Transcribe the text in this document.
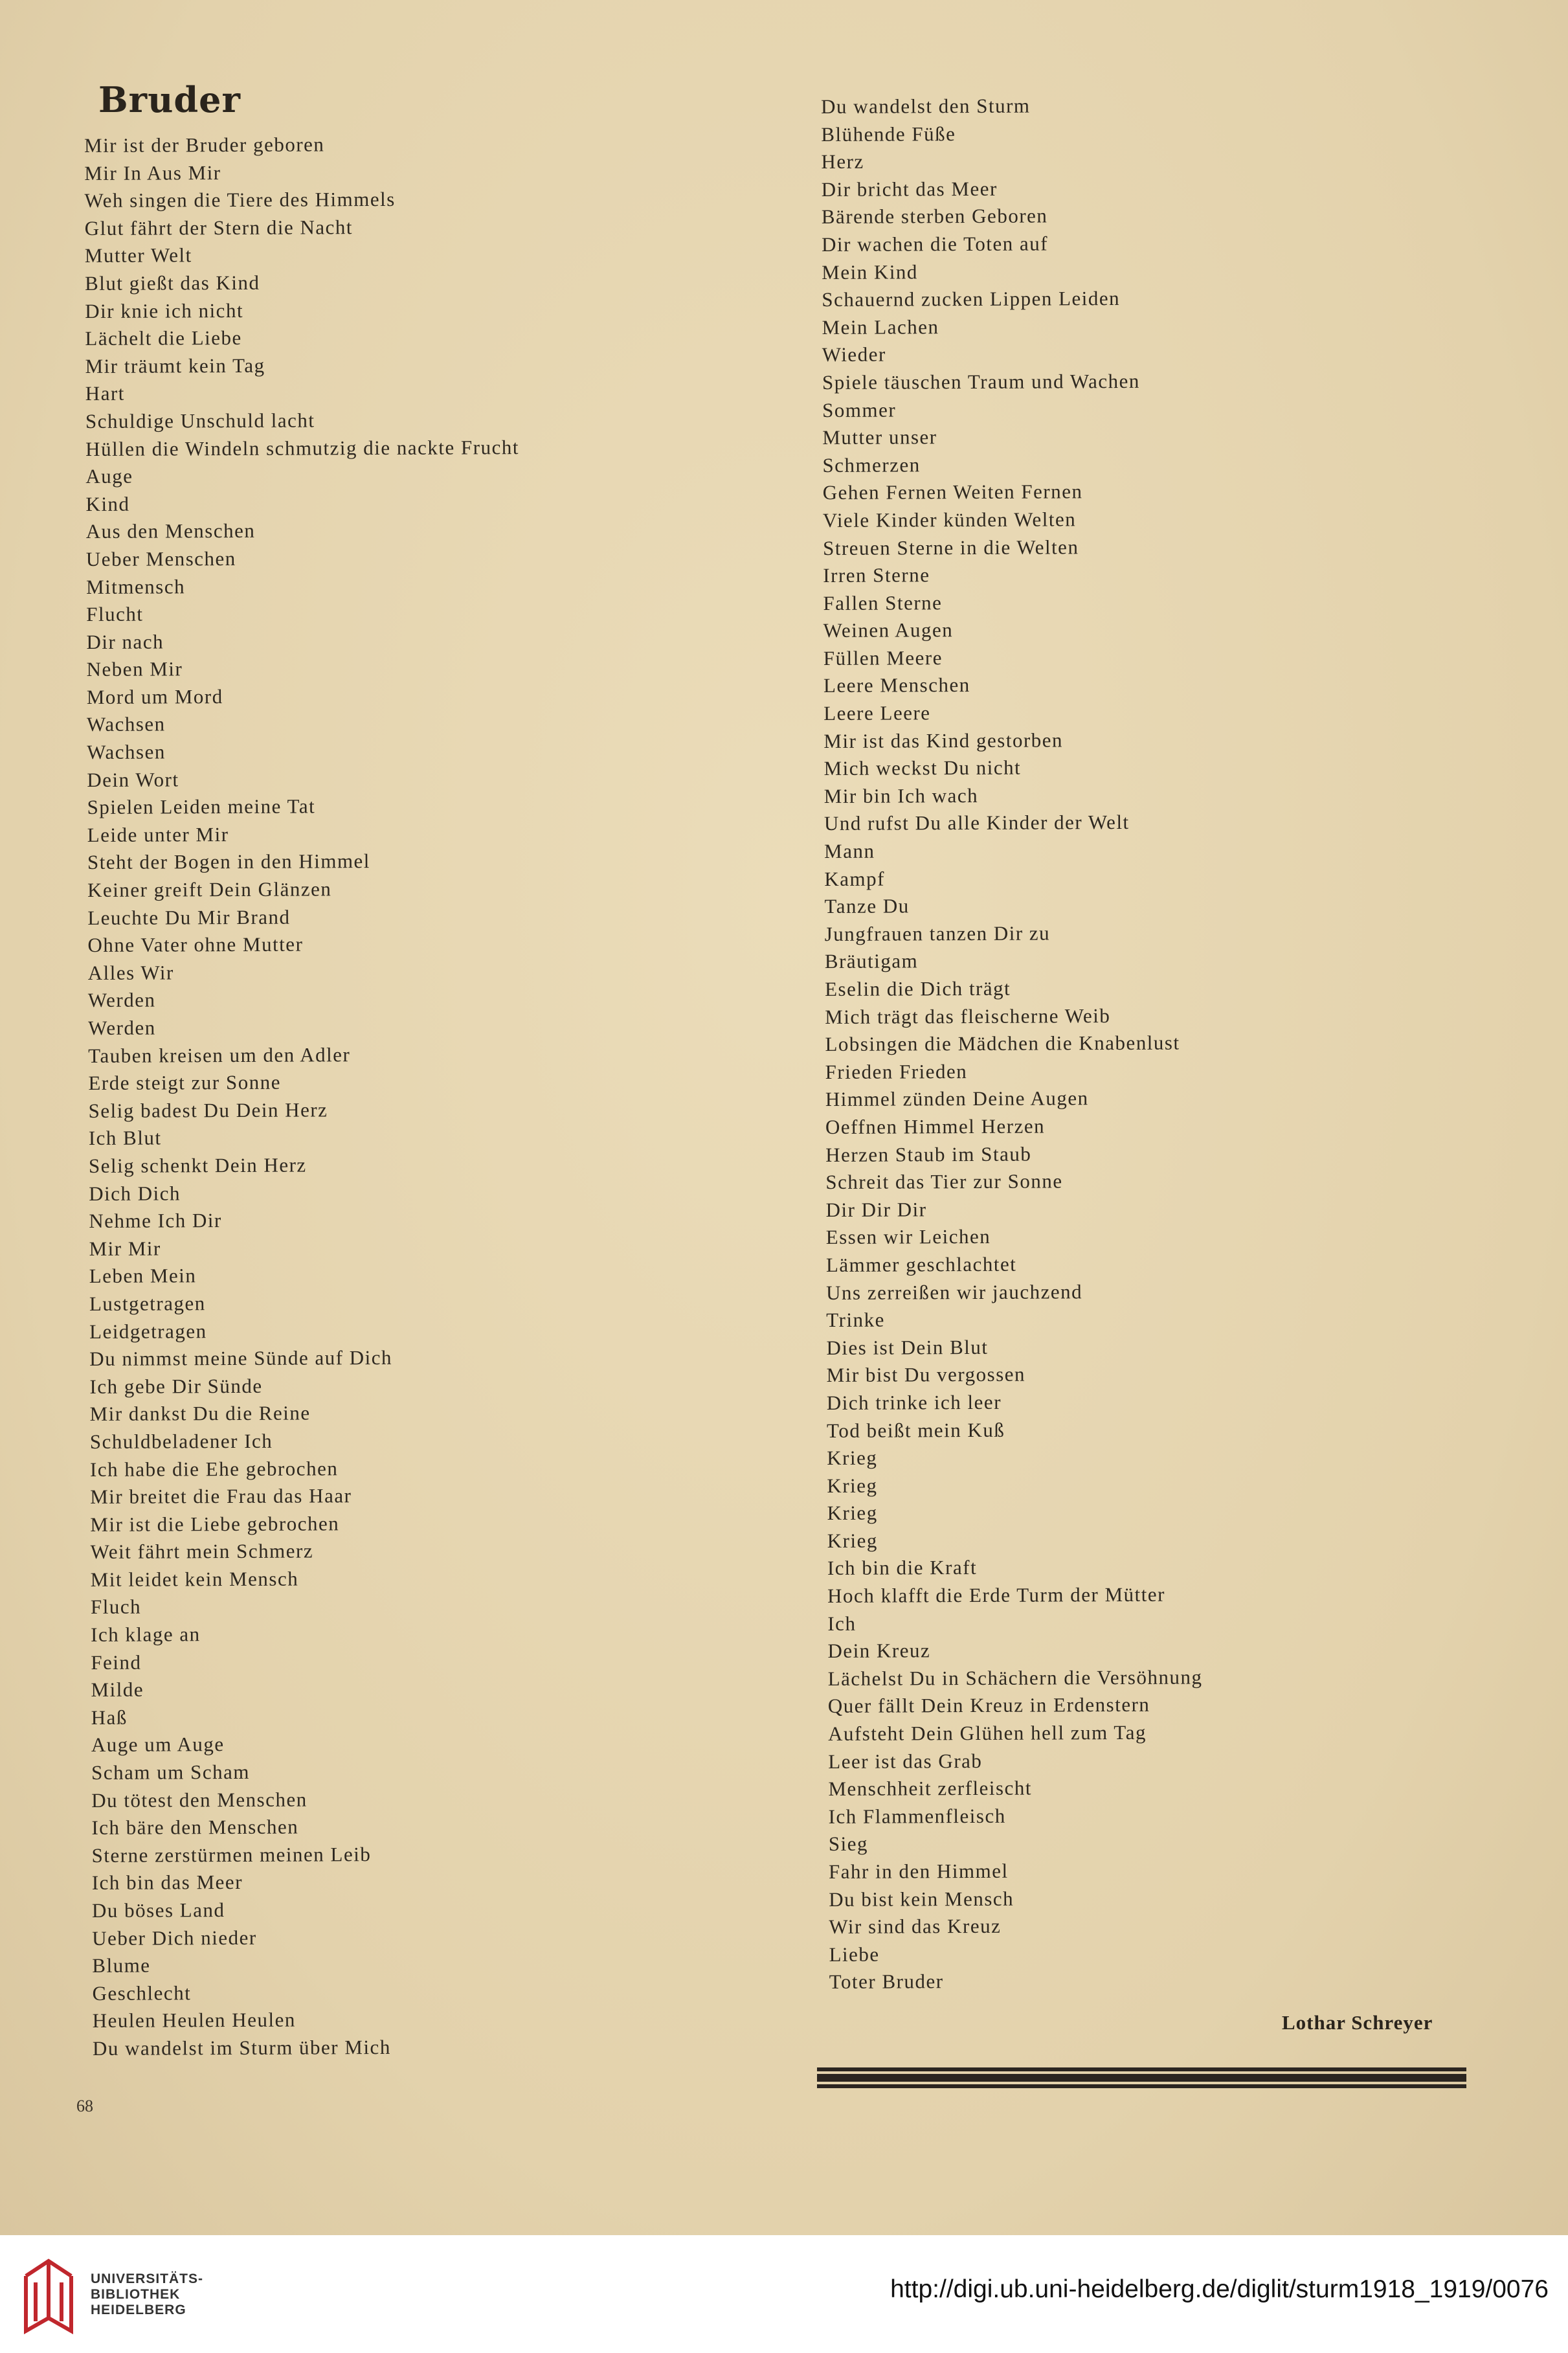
Bruder
Mir ist der Bruder geboren
Mir In Aus Mir
Weh singen die Tiere des Himmels
Glut fährt der Stern die Nacht
Mutter Welt
Blut gießt das Kind
Dir knie ich nicht
Lächelt die Liebe
Mir träumt kein Tag
Hart
Schuldige Unschuld lacht
Hüllen die Windeln schmutzig die nackte Frucht
Auge
Kind
Aus den Menschen
Ueber Menschen
Mitmensch
Flucht
Dir nach
Neben Mir
Mord um Mord
Wachsen
Wachsen
Dein Wort
Spielen Leiden meine Tat
Leide unter Mir
Steht der Bogen in den Himmel
Keiner greift Dein Glänzen
Leuchte Du Mir Brand
Ohne Vater ohne Mutter
Alles Wir
Werden
Werden
Tauben kreisen um den Adler
Erde steigt zur Sonne
Selig badest Du Dein Herz
Ich Blut
Selig schenkt Dein Herz
Dich Dich
Nehme Ich Dir
Mir Mir
Leben Mein
Lustgetragen
Leidgetragen
Du nimmst meine Sünde auf Dich
Ich gebe Dir Sünde
Mir dankst Du die Reine
Schuldbeladener Ich
Ich habe die Ehe gebrochen
Mir breitet die Frau das Haar
Mir ist die Liebe gebrochen
Weit fährt mein Schmerz
Mit leidet kein Mensch
Fluch
Ich klage an
Feind
Milde
Haß
Auge um Auge
Scham um Scham
Du tötest den Menschen
Ich bäre den Menschen
Sterne zerstürmen meinen Leib
Ich bin das Meer
Du böses Land
Ueber Dich nieder
Blume
Geschlecht
Heulen Heulen Heulen
Du wandelst im Sturm über Mich
Du wandelst den Sturm
Blühende Füße
Herz
Dir bricht das Meer
Bärende sterben Geboren
Dir wachen die Toten auf
Mein Kind
Schauernd zucken Lippen Leiden
Mein Lachen
Wieder
Spiele täuschen Traum und Wachen
Sommer
Mutter unser
Schmerzen
Gehen Fernen Weiten Fernen
Viele Kinder künden Welten
Streuen Sterne in die Welten
Irren Sterne
Fallen Sterne
Weinen Augen
Füllen Meere
Leere Menschen
Leere Leere
Mir ist das Kind gestorben
Mich weckst Du nicht
Mir bin Ich wach
Und rufst Du alle Kinder der Welt
Mann
Kampf
Tanze Du
Jungfrauen tanzen Dir zu
Bräutigam
Eselin die Dich trägt
Mich trägt das fleischerne Weib
Lobsingen die Mädchen die Knabenlust
Frieden Frieden
Himmel zünden Deine Augen
Oeffnen Himmel Herzen
Herzen Staub im Staub
Schreit das Tier zur Sonne
Dir Dir Dir
Essen wir Leichen
Lämmer geschlachtet
Uns zerreißen wir jauchzend
Trinke
Dies ist Dein Blut
Mir bist Du vergossen
Dich trinke ich leer
Tod beißt mein Kuß
Krieg
Krieg
Krieg
Krieg
Ich bin die Kraft
Hoch klafft die Erde Turm der Mütter
Ich
Dein Kreuz
Lächelst Du in Schächern die Versöhnung
Quer fällt Dein Kreuz in Erdenstern
Aufsteht Dein Glühen hell zum Tag
Leer ist das Grab
Menschheit zerfleischt
Ich Flammenfleisch
Sieg
Fahr in den Himmel
Du bist kein Mensch
Wir sind das Kreuz
Liebe
Toter Bruder
Lothar Schreyer
68
UNIVERSITÄTS-
BIBLIOTHEK
HEIDELBERG
http://digi.ub.uni-heidelberg.de/diglit/sturm1918_1919/0076
